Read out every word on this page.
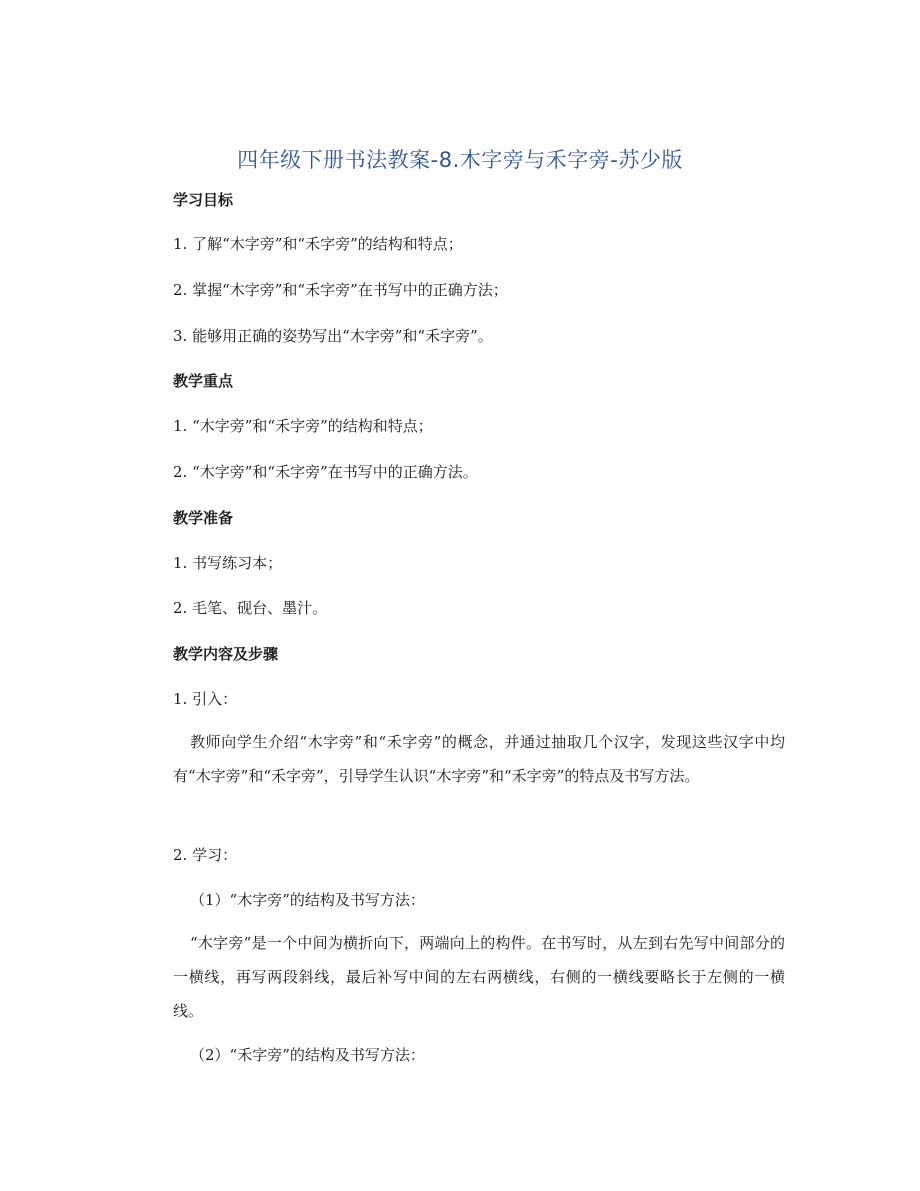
四年级下册书法教案-8.木字旁与禾字旁-苏少版
学习目标
1. 了解“木字旁”和“禾字旁”的结构和特点；
2. 掌握“木字旁”和“禾字旁”在书写中的正确方法；
3. 能够用正确的姿势写出“木字旁”和“禾字旁”。
教学重点
1. “木字旁”和“禾字旁”的结构和特点；
2. “木字旁”和“禾字旁”在书写中的正确方法。
教学准备
1. 书写练习本；
2. 毛笔、砚台、墨汁。
教学内容及步骤
1. 引入：
教师向学生介绍“木字旁”和“禾字旁”的概念，并通过抽取几个汉字，发现这些汉字中均有“木字旁”和“禾字旁”，引导学生认识“木字旁”和“禾字旁”的特点及书写方法。
2. 学习：
（1）“木字旁”的结构及书写方法：
“木字旁”是一个中间为横折向下，两端向上的构件。在书写时，从左到右先写中间部分的一横线，再写两段斜线，最后补写中间的左右两横线，右侧的一横线要略长于左侧的一横线。
（2）“禾字旁”的结构及书写方法：
